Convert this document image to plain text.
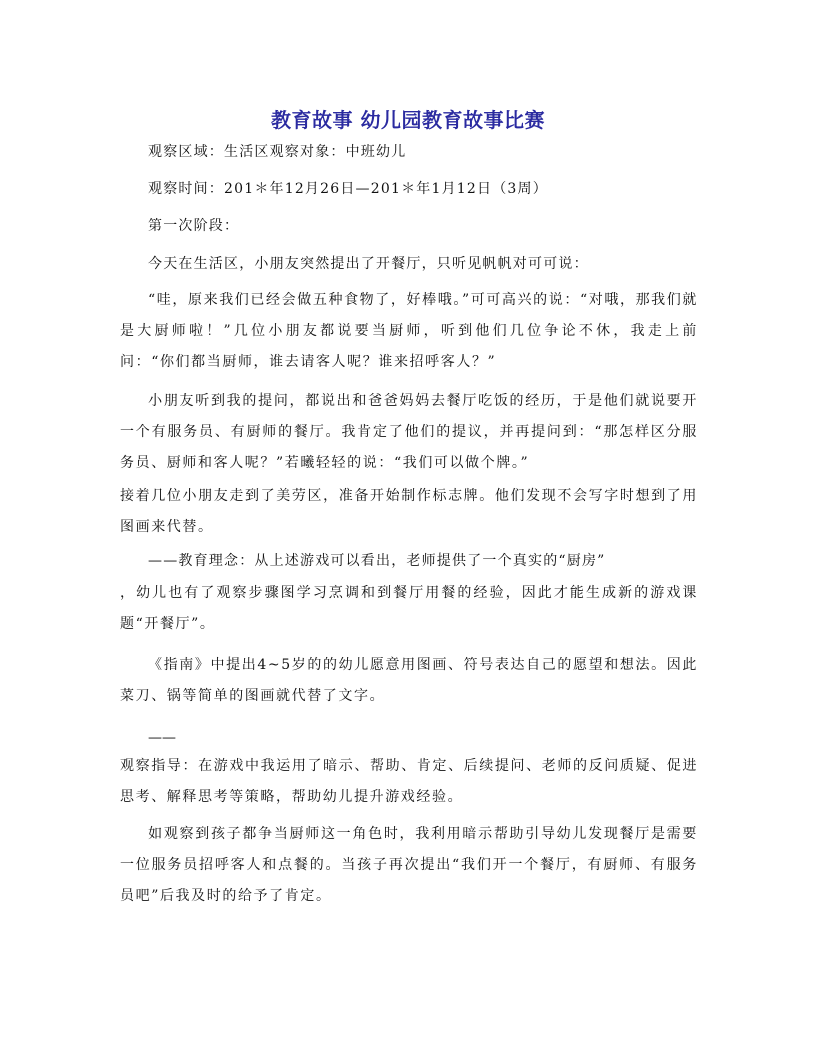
教育故事 幼儿园教育故事比赛
观察区域：生活区观察对象：中班幼儿
观察时间：201＊年12月26日—201＊年1月12日（3周）
第一次阶段：
今天在生活区，小朋友突然提出了开餐厅，只听见帆帆对可可说：
“哇，原来我们已经会做五种食物了，好棒哦。”可可高兴的说：“对哦，那我们就是大厨师啦！”几位小朋友都说要当厨师，听到他们几位争论不休，我走上前问：“你们都当厨师，谁去请客人呢？谁来招呼客人？”
小朋友听到我的提问，都说出和爸爸妈妈去餐厅吃饭的经历，于是他们就说要开一个有服务员、有厨师的餐厅。我肯定了他们的提议，并再提问到：“那怎样区分服务员、厨师和客人呢？”若曦轻轻的说：“我们可以做个牌。”
接着几位小朋友走到了美劳区，准备开始制作标志牌。他们发现不会写字时想到了用图画来代替。
——教育理念：从上述游戏可以看出，老师提供了一个真实的“厨房”
，幼儿也有了观察步骤图学习烹调和到餐厅用餐的经验，因此才能生成新的游戏课题“开餐厅”。
《指南》中提出4~5岁的的幼儿愿意用图画、符号表达自己的愿望和想法。因此菜刀、锅等简单的图画就代替了文字。
——
观察指导：在游戏中我运用了暗示、帮助、肯定、后续提问、老师的反问质疑、促进思考、解释思考等策略，帮助幼儿提升游戏经验。
如观察到孩子都争当厨师这一角色时，我利用暗示帮助引导幼儿发现餐厅是需要一位服务员招呼客人和点餐的。当孩子再次提出“我们开一个餐厅，有厨师、有服务员吧”后我及时的给予了肯定。
